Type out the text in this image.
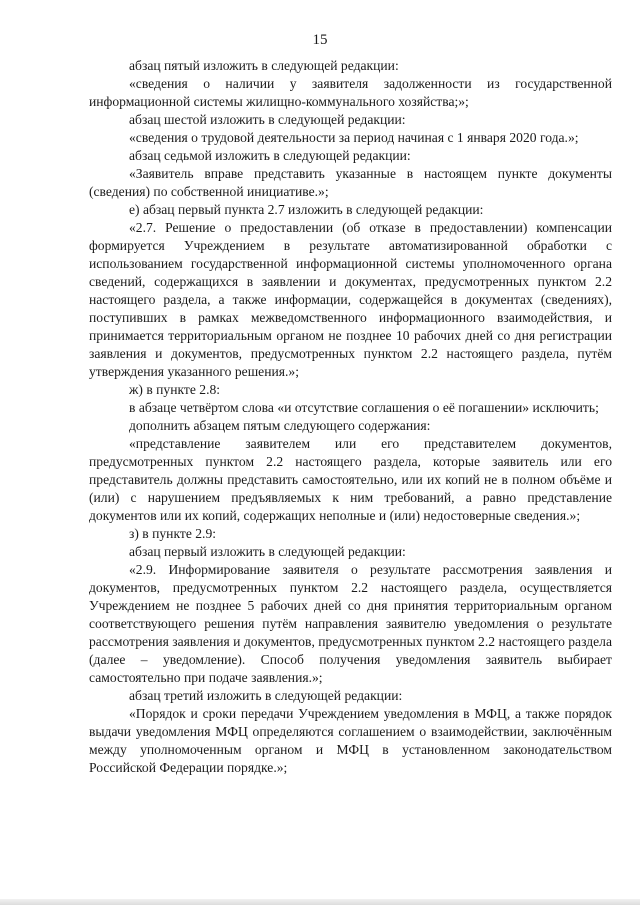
15

абзац пятый изложить в следующей редакции:

«сведения о наличии у заявителя задолженности из государственной информационной системы жилищно-коммунального хозяйства;»;

абзац шестой изложить в следующей редакции:

«сведения о трудовой деятельности за период начиная с 1 января 2020 года.»;

абзац седьмой изложить в следующей редакции:

«Заявитель вправе представить указанные в настоящем пункте документы (сведения) по собственной инициативе.»;

е) абзац первый пункта 2.7 изложить в следующей редакции:

«2.7. Решение о предоставлении (об отказе в предоставлении) компенсации формируется Учреждением в результате автоматизированной обработки с использованием государственной информационной системы уполномоченного органа сведений, содержащихся в заявлении и документах, предусмотренных пунктом 2.2 настоящего раздела, а также информации, содержащейся в документах (сведениях), поступивших в рамках межведомственного информационного взаимодействия, и принимается территориальным органом не позднее 10 рабочих дней со дня регистрации заявления и документов, предусмотренных пунктом 2.2 настоящего раздела, путём утверждения указанного решения.»;

ж) в пункте 2.8:

в абзаце четвёртом слова «и отсутствие соглашения о её погашении» исключить;

дополнить абзацем пятым следующего содержания:

«представление заявителем или его представителем документов, предусмотренных пунктом 2.2 настоящего раздела, которые заявитель или его представитель должны представить самостоятельно, или их копий не в полном объёме и (или) с нарушением предъявляемых к ним требований, а равно представление документов или их копий, содержащих неполные и (или) недостоверные сведения.»;

з) в пункте 2.9:

абзац первый изложить в следующей редакции:

«2.9. Информирование заявителя о результате рассмотрения заявления и документов, предусмотренных пунктом 2.2 настоящего раздела, осуществляется Учреждением не позднее 5 рабочих дней со дня принятия территориальным органом соответствующего решения путём направления заявителю уведомления о результате рассмотрения заявления и документов, предусмотренных пунктом 2.2 настоящего раздела (далее – уведомление). Способ получения уведомления заявитель выбирает самостоятельно при подаче заявления.»;

абзац третий изложить в следующей редакции:

«Порядок и сроки передачи Учреждением уведомления в МФЦ, а также порядок выдачи уведомления МФЦ определяются соглашением о взаимодействии, заключённым между уполномоченным органом и МФЦ в установленном законодательством Российской Федерации порядке.»;
